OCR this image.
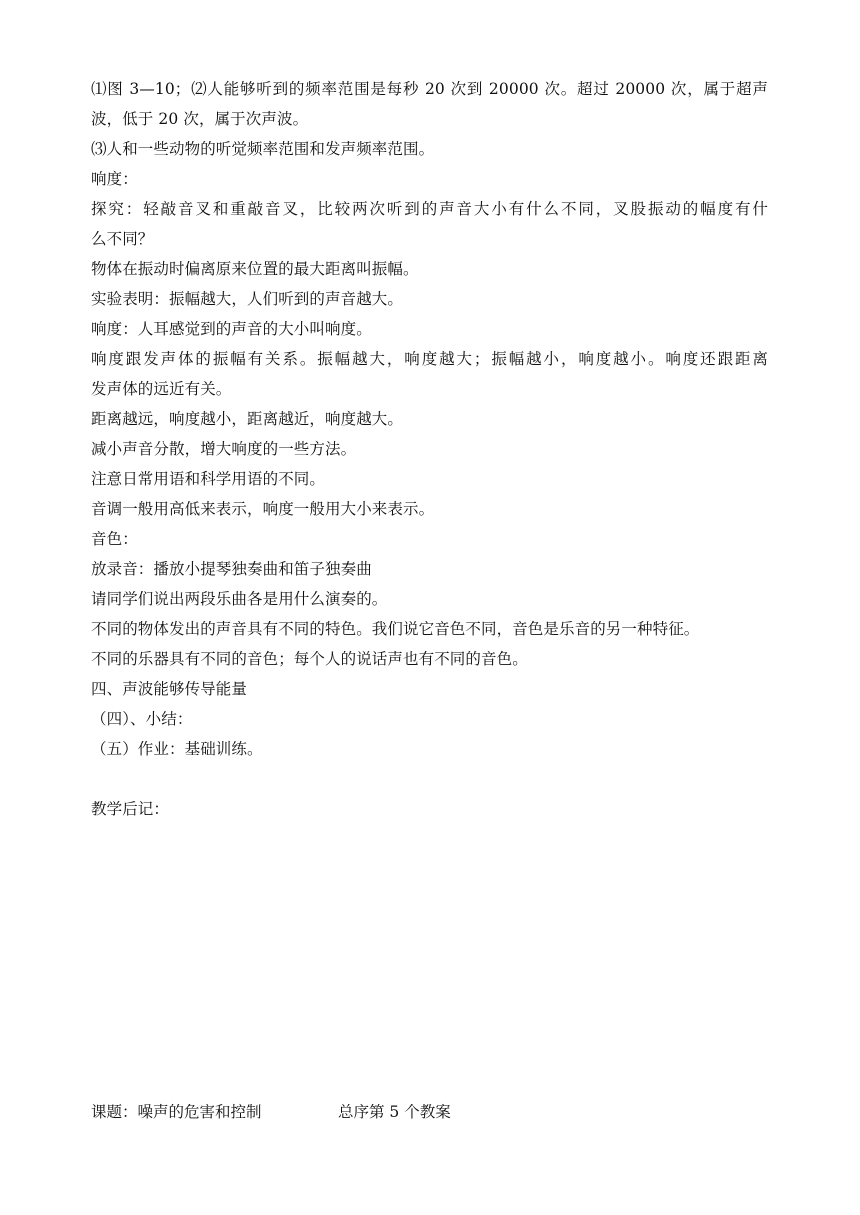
⑴图 3—10；⑵人能够听到的频率范围是每秒 20 次到 20000 次。超过 20000 次，属于超声
波，低于 20 次，属于次声波。
⑶人和一些动物的听觉频率范围和发声频率范围。
响度：
探究：轻敲音叉和重敲音叉，比较两次听到的声音大小有什么不同，叉股振动的幅度有什
么不同？
物体在振动时偏离原来位置的最大距离叫振幅。
实验表明：振幅越大，人们听到的声音越大。
响度：人耳感觉到的声音的大小叫响度。
响度跟发声体的振幅有关系。振幅越大，响度越大；振幅越小，响度越小。响度还跟距离
发声体的远近有关。
距离越远，响度越小，距离越近，响度越大。
减小声音分散，增大响度的一些方法。
注意日常用语和科学用语的不同。
音调一般用高低来表示，响度一般用大小来表示。
音色：
放录音：播放小提琴独奏曲和笛子独奏曲
请同学们说出两段乐曲各是用什么演奏的。
不同的物体发出的声音具有不同的特色。我们说它音色不同，音色是乐音的另一种特征。
不同的乐器具有不同的音色；每个人的说话声也有不同的音色。
四、声波能够传导能量
（四）、小结：
（五）作业：基础训练。
教学后记：
课题：噪声的危害和控制	总序第 5 个教案
